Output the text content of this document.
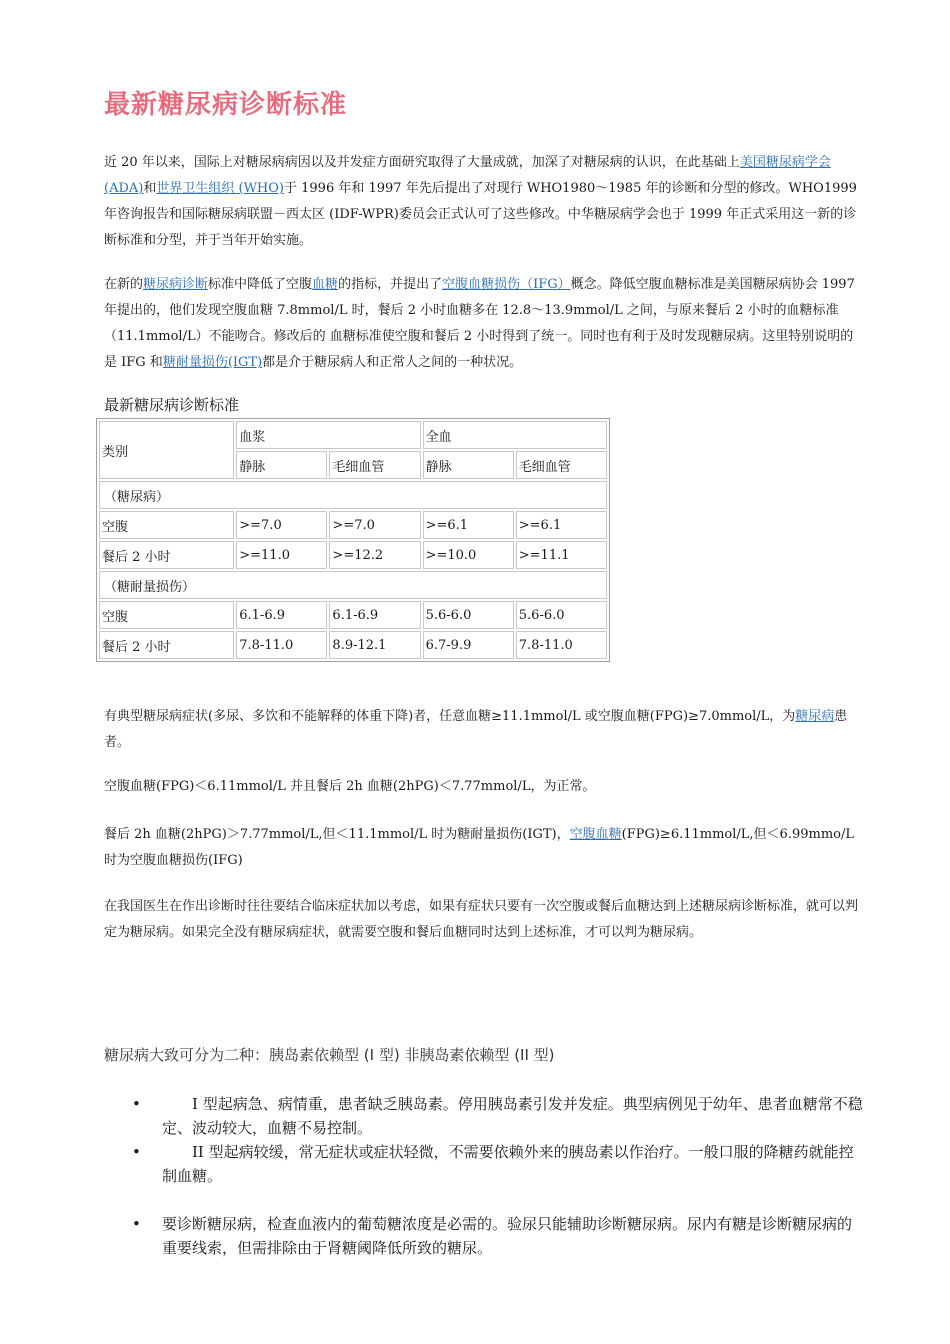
最新糖尿病诊断标准

近 20 年以来，国际上对糖尿病病因以及并发症方面研究取得了大量成就，加深了对糖尿病的认识，在此基础上美国糖尿病学会(ADA)和世界卫生组织 (WHO)于 1996 年和 1997 年先后提出了对现行 WHO1980～1985 年的诊断和分型的修改。WHO1999 年咨询报告和国际糖尿病联盟－西太区 (IDF-WPR)委员会正式认可了这些修改。中华糖尿病学会也于 1999 年正式采用这一新的诊断标准和分型，并于当年开始实施。

在新的糖尿病诊断标准中降低了空腹血糖的指标，并提出了空腹血糖损伤（IFG）概念。降低空腹血糖标准是美国糖尿病协会 1997 年提出的，他们发现空腹血糖 7.8mmol/L 时，餐后 2 小时血糖多在 12.8～13.9mmol/L 之间，与原来餐后 2 小时的血糖标准（11.1mmol/L）不能吻合。修改后的 血糖标准使空腹和餐后 2 小时得到了统一。同时也有利于及时发现糖尿病。这里特别说明的是 IFG 和糖耐量损伤(IGT)都是介于糖尿病人和正常人之间的一种状况。

最新糖尿病诊断标准
类别	血浆		全血	
	静脉	毛细血管	静脉	毛细血管
（糖尿病）				
空腹	>=7.0	>=7.0	>=6.1	>=6.1
餐后 2 小时	>=11.0	>=12.2	>=10.0	>=11.1
（糖耐量损伤）				
空腹	6.1-6.9	6.1-6.9	5.6-6.0	5.6-6.0
餐后 2 小时	7.8-11.0	8.9-12.1	6.7-9.9	7.8-11.0

有典型糖尿病症状(多尿、多饮和不能解释的体重下降)者，任意血糖≥11.1mmol/L 或空腹血糖(FPG)≥7.0mmol/L，为糖尿病患者。

空腹血糖(FPG)＜6.11mmol/L 并且餐后 2h 血糖(2hPG)＜7.77mmol/L，为正常。

餐后 2h 血糖(2hPG)＞7.77mmol/L,但＜11.1mmol/L 时为糖耐量损伤(IGT)，空腹血糖(FPG)≥6.11mmol/L,但＜6.99mmo/L 时为空腹血糖损伤(IFG)

在我国医生在作出诊断时往往要结合临床症状加以考虑，如果有症状只要有一次空腹或餐后血糖达到上述糖尿病诊断标准，就可以判定为糖尿病。如果完全没有糖尿病症状，就需要空腹和餐后血糖同时达到上述标准，才可以判为糖尿病。

糖尿病大致可分为二种：胰岛素依赖型 (I 型) 非胰岛素依赖型 (II 型)
• 　　I 型起病急、病情重，患者缺乏胰岛素。停用胰岛素引发并发症。典型病例见于幼年、患者血糖常不稳定、波动较大，血糖不易控制。
• 　　II 型起病较缓，常无症状或症状轻微，不需要依赖外来的胰岛素以作治疗。一般口服的降糖药就能控制血糖。
• 要诊断糖尿病，检查血液内的葡萄糖浓度是必需的。验尿只能辅助诊断糖尿病。尿内有糖是诊断糖尿病的重要线索，但需排除由于肾糖阈降低所致的糖尿。
